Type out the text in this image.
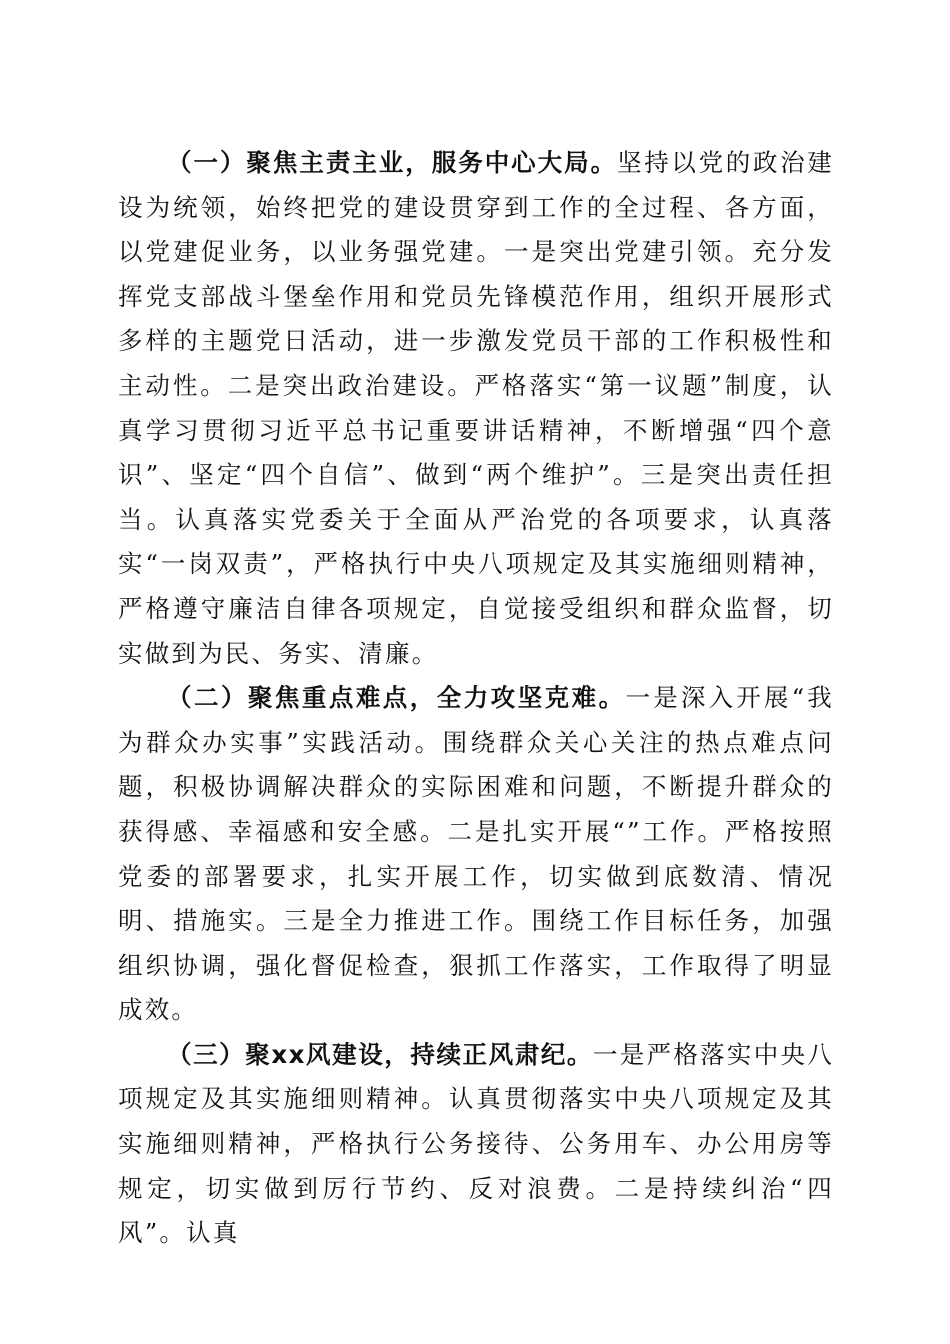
（一）聚焦主责主业，服务中心大局。坚持以党的政治建设为统领，始终把党的建设贯穿到工作的全过程、各方面，以党建促业务，以业务强党建。一是突出党建引领。充分发挥党支部战斗堡垒作用和党员先锋模范作用，组织开展形式多样的主题党日活动，进一步激发党员干部的工作积极性和主动性。二是突出政治建设。严格落实“第一议题”制度，认真学习贯彻习近平总书记重要讲话精神，不断增强“四个意识”、坚定“四个自信”、做到“两个维护”。三是突出责任担当。认真落实党委关于全面从严治党的各项要求，认真落实“一岗双责”，严格执行中央八项规定及其实施细则精神，严格遵守廉洁自律各项规定，自觉接受组织和群众监督，切实做到为民、务实、清廉。

（二）聚焦重点难点，全力攻坚克难。一是深入开展“我为群众办实事”实践活动。围绕群众关心关注的热点难点问题，积极协调解决群众的实际困难和问题，不断提升群众的获得感、幸福感和安全感。二是扎实开展“”工作。严格按照党委的部署要求，扎实开展工作，切实做到底数清、情况明、措施实。三是全力推进工作。围绕工作目标任务，加强组织协调，强化督促检查，狠抓工作落实，工作取得了明显成效。

（三）聚xx风建设，持续正风肃纪。一是严格落实中央八项规定及其实施细则精神。认真贯彻落实中央八项规定及其实施细则精神，严格执行公务接待、公务用车、办公用房等规定，切实做到厉行节约、反对浪费。二是持续纠治“四风”。认真
